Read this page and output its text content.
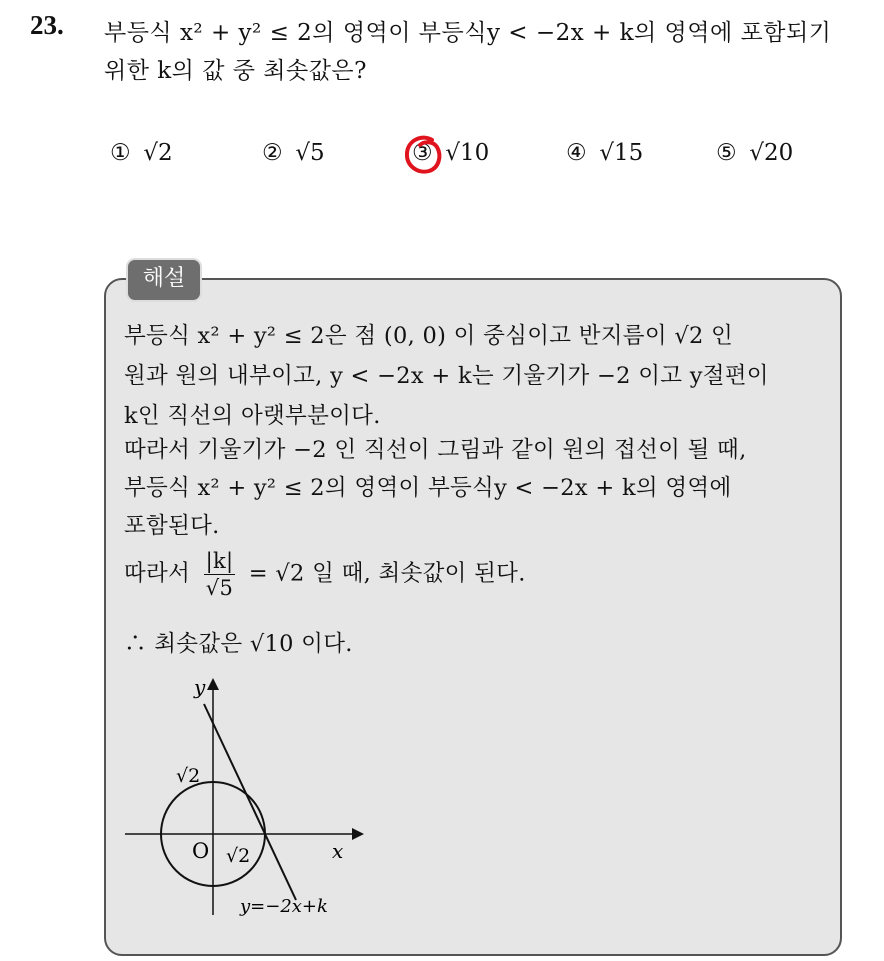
23. 부등식 x² + y² ≤ 2의 영역이 부등식y < −2x + k의 영역에 포함되기
위한 k의 값 중 최솟값은?
① √2	② √5	③ √10	④ √15	⑤ √20
해설
부등식 x² + y² ≤ 2은 점 (0, 0) 이 중심이고 반지름이 √2 인
원과 원의 내부이고, y < −2x + k는 기울기가 −2 이고 y절편이
k인 직선의 아랫부분이다.
따라서 기울기가 −2 인 직선이 그림과 같이 원의 접선이 될 때,
부등식 x² + y² ≤ 2의 영역이 부등식y < −2x + k의 영역에
포함된다.
따라서 $\frac{|k|}{√5} = √2$ 일 때, 최솟값이 된다.
∴ 최솟값은 √10 이다.
y
x
O
√2
√2
y=−2x+k
